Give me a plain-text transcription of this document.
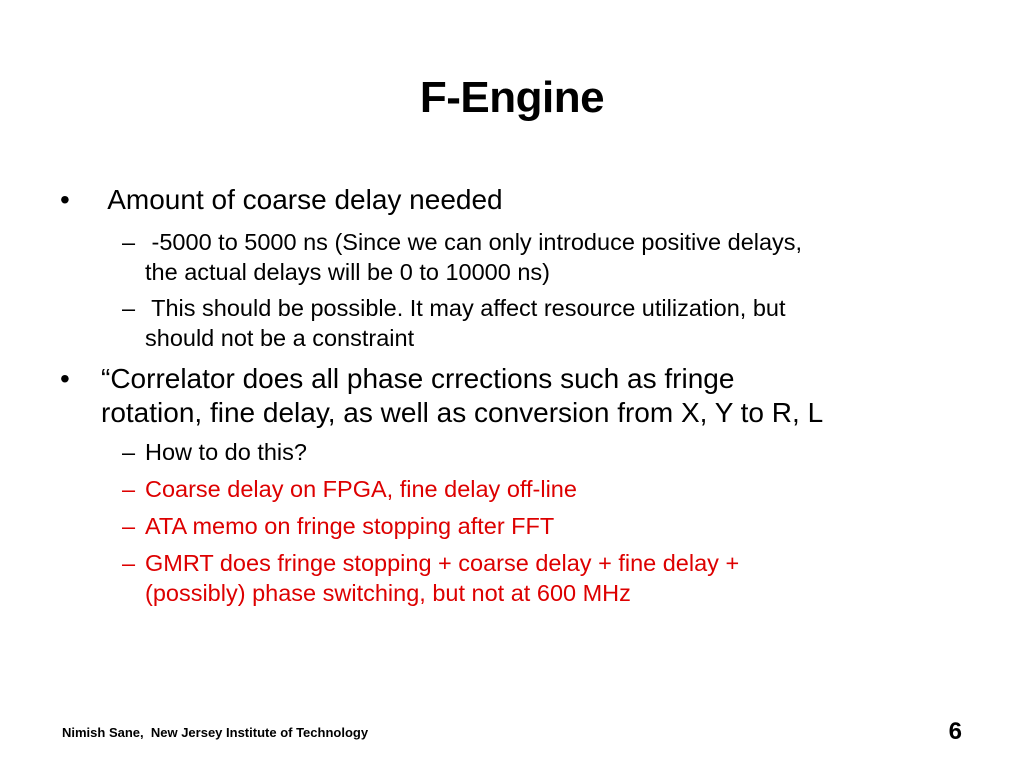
F-Engine
•	Amount of coarse delay needed
– -5000 to 5000 ns (Since we can only introduce positive delays,
the actual delays will be 0 to 10000 ns)
– This should be possible. It may affect resource utilization, but
should not be a constraint
•	“Correlator does all phase crrections such as fringe
rotation, fine delay, as well as conversion from X, Y to R, L
– How to do this?
– Coarse delay on FPGA, fine delay off-line
– ATA memo on fringe stopping after FFT
– GMRT does fringe stopping + coarse delay + fine delay +
(possibly) phase switching, but not at 600 MHz
Nimish Sane,  New Jersey Institute of Technology	6
